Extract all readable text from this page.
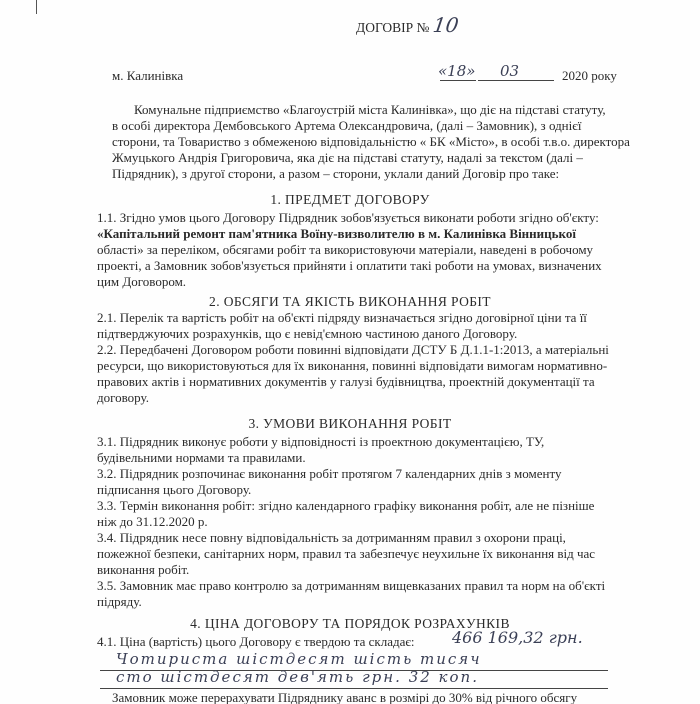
ДОГОВІР № 10
м. Калинівка	«18» 03	2020 року
Комунальне підприємство «Благоустрій міста Калинівка», що діє на підставі статуту,
в особі директора Дембовського Артема Олександровича, (далі – Замовник), з однієї
сторони, та Товариство з обмеженою відповідальністю « БК «Місто», в особі т.в.о. директора
Жмуцького Андрія Григоровича, яка діє на підставі статуту, надалі за текстом (далі –
Підрядник), з другої сторони, а разом – сторони, уклали даний Договір про таке:
1. ПРЕДМЕТ ДОГОВОРУ
1.1. Згідно умов цього Договору Підрядник зобов'язується виконати роботи згідно об'єкту:
«Капітальний ремонт пам'ятника Воїну-визволителю в м. Калинівка Вінницької
області» за переліком, обсягами робіт та використовуючи матеріали, наведені в робочому
проекті, а Замовник зобов'язується прийняти і оплатити такі роботи на умовах, визначених
цим Договором.
2. ОБСЯГИ ТА ЯКІСТЬ ВИКОНАННЯ РОБІТ
2.1. Перелік та вартість робіт на об'єкті підряду визначається згідно договірної ціни та її
підтверджуючих розрахунків, що є невід'ємною частиною даного Договору.
2.2. Передбачені Договором роботи повинні відповідати ДСТУ Б Д.1.1-1:2013, а матеріальні
ресурси, що використовуються для їх виконання, повинні відповідати вимогам нормативно-
правових актів і нормативних документів у галузі будівництва, проектній документації та
договору.
3. УМОВИ ВИКОНАННЯ РОБІТ
3.1. Підрядник виконує роботи у відповідності із проектною документацією, ТУ,
будівельними нормами та правилами.
3.2. Підрядник розпочинає виконання робіт протягом 7 календарних днів з моменту
підписання цього Договору.
3.3. Термін виконання робіт: згідно календарного графіку виконання робіт, але не пізніше
ніж до 31.12.2020 р.
3.4. Підрядник несе повну відповідальність за дотриманням правил з охорони праці,
пожежної безпеки, санітарних норм, правил та забезпечує неухильне їх виконання від час
виконання робіт.
3.5. Замовник має право контролю за дотриманням вищевказаних правил та норм на об'єкті
підряду.
4. ЦІНА ДОГОВОРУ ТА ПОРЯДОК РОЗРАХУНКІВ
4.1. Ціна (вартість) цього Договору є твердою та складає: 466 169,32 грн.
Чотириста шістдесят шість тисяч
сто шістдесят дев'ять грн. 32 коп.
Замовник може перерахувати Підряднику аванс в розмірі до 30% від річного обсягу
